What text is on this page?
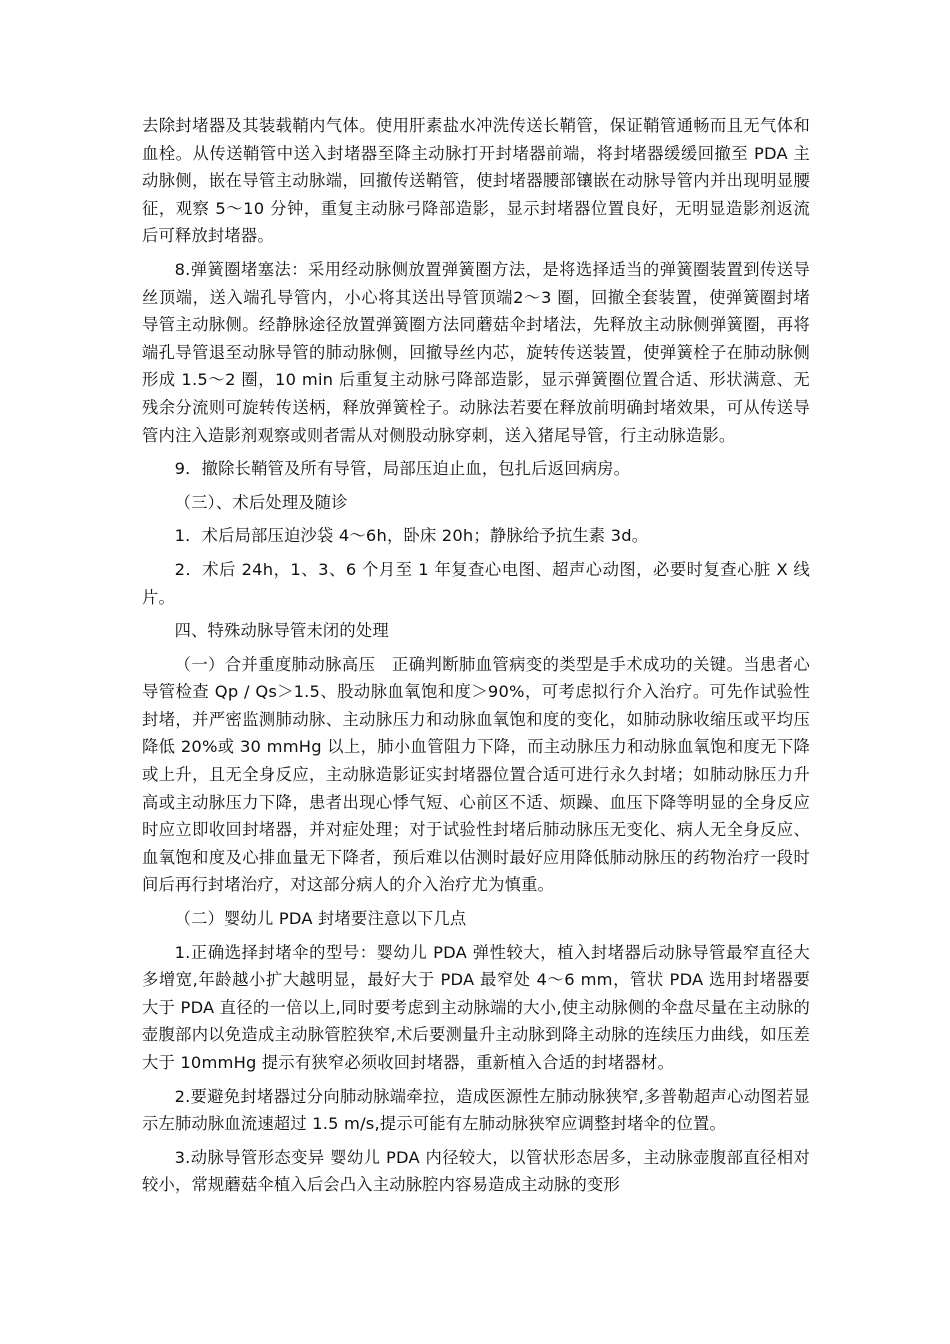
去除封堵器及其装载鞘内气体。使用肝素盐水冲洗传送长鞘管，保证鞘管通畅而且无气体和血栓。从传送鞘管中送入封堵器至降主动脉打开封堵器前端，将封堵器缓缓回撤至 PDA 主动脉侧，嵌在导管主动脉端，回撤传送鞘管，使封堵器腰部镶嵌在动脉导管内并出现明显腰征，观察 5～10 分钟，重复主动脉弓降部造影，显示封堵器位置良好，无明显造影剂返流后可释放封堵器。

8.弹簧圈堵塞法：采用经动脉侧放置弹簧圈方法，是将选择适当的弹簧圈装置到传送导丝顶端，送入端孔导管内，小心将其送出导管顶端2～3 圈，回撤全套装置，使弹簧圈封堵导管主动脉侧。经静脉途径放置弹簧圈方法同蘑菇伞封堵法，先释放主动脉侧弹簧圈，再将端孔导管退至动脉导管的肺动脉侧，回撤导丝内芯，旋转传送装置，使弹簧栓子在肺动脉侧形成 1.5～2 圈，10 min 后重复主动脉弓降部造影，显示弹簧圈位置合适、形状满意、无残余分流则可旋转传送柄，释放弹簧栓子。动脉法若要在释放前明确封堵效果，可从传送导管内注入造影剂观察或则者需从对侧股动脉穿刺，送入猪尾导管，行主动脉造影。

9．撤除长鞘管及所有导管，局部压迫止血，包扎后返回病房。

（三）、术后处理及随诊

1．术后局部压迫沙袋 4～6h，卧床 20h；静脉给予抗生素 3d。

2．术后 24h，1、3、6 个月至 1 年复查心电图、超声心动图，必要时复查心脏 X 线片。

四、特殊动脉导管未闭的处理

（一）合并重度肺动脉高压　正确判断肺血管病变的类型是手术成功的关键。当患者心导管检查 Qp / Qs＞1.5、股动脉血氧饱和度＞90%，可考虑拟行介入治疗。可先作试验性封堵，并严密监测肺动脉、主动脉压力和动脉血氧饱和度的变化，如肺动脉收缩压或平均压降低 20%或 30 mmHg 以上，肺小血管阻力下降，而主动脉压力和动脉血氧饱和度无下降或上升，且无全身反应，主动脉造影证实封堵器位置合适可进行永久封堵；如肺动脉压力升高或主动脉压力下降，患者出现心悸气短、心前区不适、烦躁、血压下降等明显的全身反应时应立即收回封堵器，并对症处理；对于试验性封堵后肺动脉压无变化、病人无全身反应、血氧饱和度及心排血量无下降者，预后难以估测时最好应用降低肺动脉压的药物治疗一段时间后再行封堵治疗，对这部分病人的介入治疗尤为慎重。

（二）婴幼儿 PDA 封堵要注意以下几点

1.正确选择封堵伞的型号：婴幼儿 PDA 弹性较大，植入封堵器后动脉导管最窄直径大多增宽,年龄越小扩大越明显，最好大于 PDA 最窄处 4～6 mm，管状 PDA 选用封堵器要大于 PDA 直径的一倍以上,同时要考虑到主动脉端的大小,使主动脉侧的伞盘尽量在主动脉的壶腹部内以免造成主动脉管腔狭窄,术后要测量升主动脉到降主动脉的连续压力曲线，如压差大于 10mmHg 提示有狭窄必须收回封堵器，重新植入合适的封堵器材。

2.要避免封堵器过分向肺动脉端牵拉，造成医源性左肺动脉狭窄,多普勒超声心动图若显示左肺动脉血流速超过 1.5 m/s,提示可能有左肺动脉狭窄应调整封堵伞的位置。

3.动脉导管形态变异 婴幼儿 PDA 内径较大，以管状形态居多，主动脉壶腹部直径相对较小，常规蘑菇伞植入后会凸入主动脉腔内容易造成主动脉的变形
